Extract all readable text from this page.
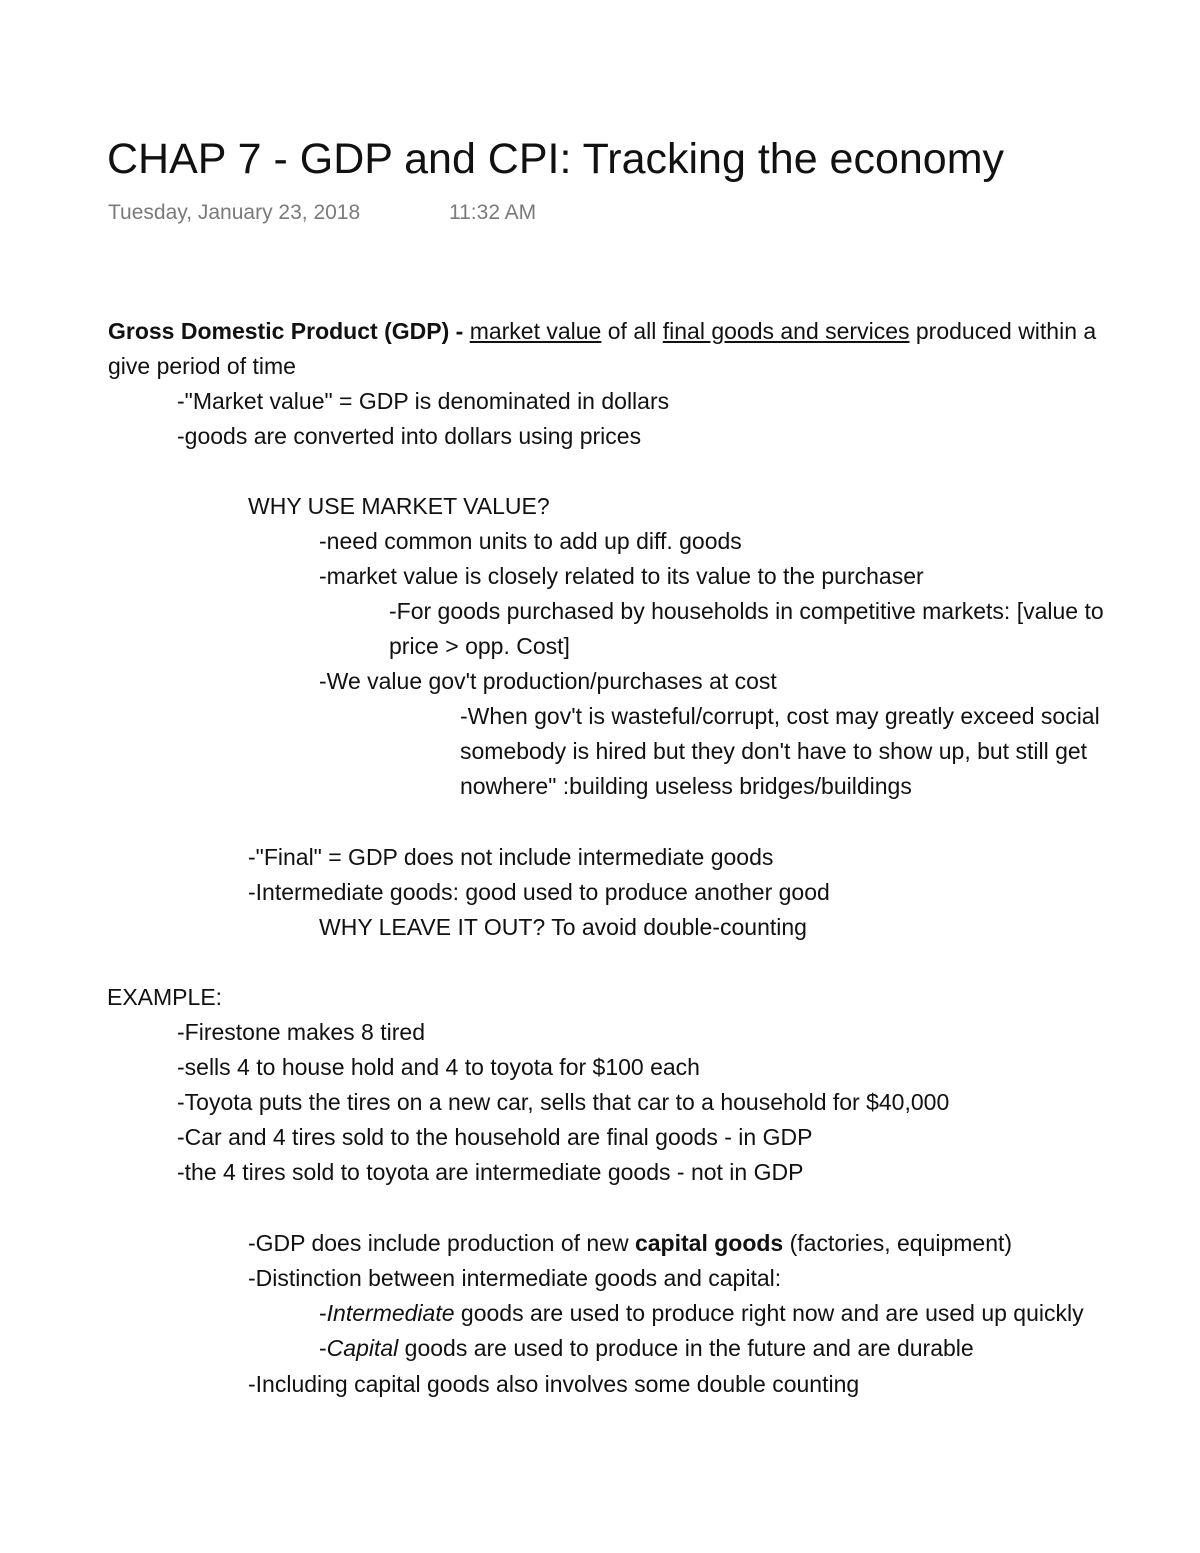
CHAP 7 - GDP and CPI: Tracking the economy
Tuesday, January 23, 2018	11:32 AM
Gross Domestic Product (GDP) - market value of all final goods and services produced within a
give period of time
-"Market value" = GDP is denominated in dollars
-goods are converted into dollars using prices
WHY USE MARKET VALUE?
-need common units to add up diff. goods
-market value is closely related to its value to the purchaser
-For goods purchased by households in competitive markets: [value to
price > opp. Cost]
-We value gov't production/purchases at cost
-When gov't is wasteful/corrupt, cost may greatly exceed social
somebody is hired but they don't have to show up, but still get
nowhere" :building useless bridges/buildings
-"Final" = GDP does not include intermediate goods
-Intermediate goods: good used to produce another good
WHY LEAVE IT OUT? To avoid double-counting
EXAMPLE:
-Firestone makes 8 tired
-sells 4 to house hold and 4 to toyota for $100 each
-Toyota puts the tires on a new car, sells that car to a household for $40,000
-Car and 4 tires sold to the household are final goods - in GDP
-the 4 tires sold to toyota are intermediate goods - not in GDP
-GDP does include production of new capital goods (factories, equipment)
-Distinction between intermediate goods and capital:
-Intermediate goods are used to produce right now and are used up quickly
-Capital goods are used to produce in the future and are durable
-Including capital goods also involves some double counting
